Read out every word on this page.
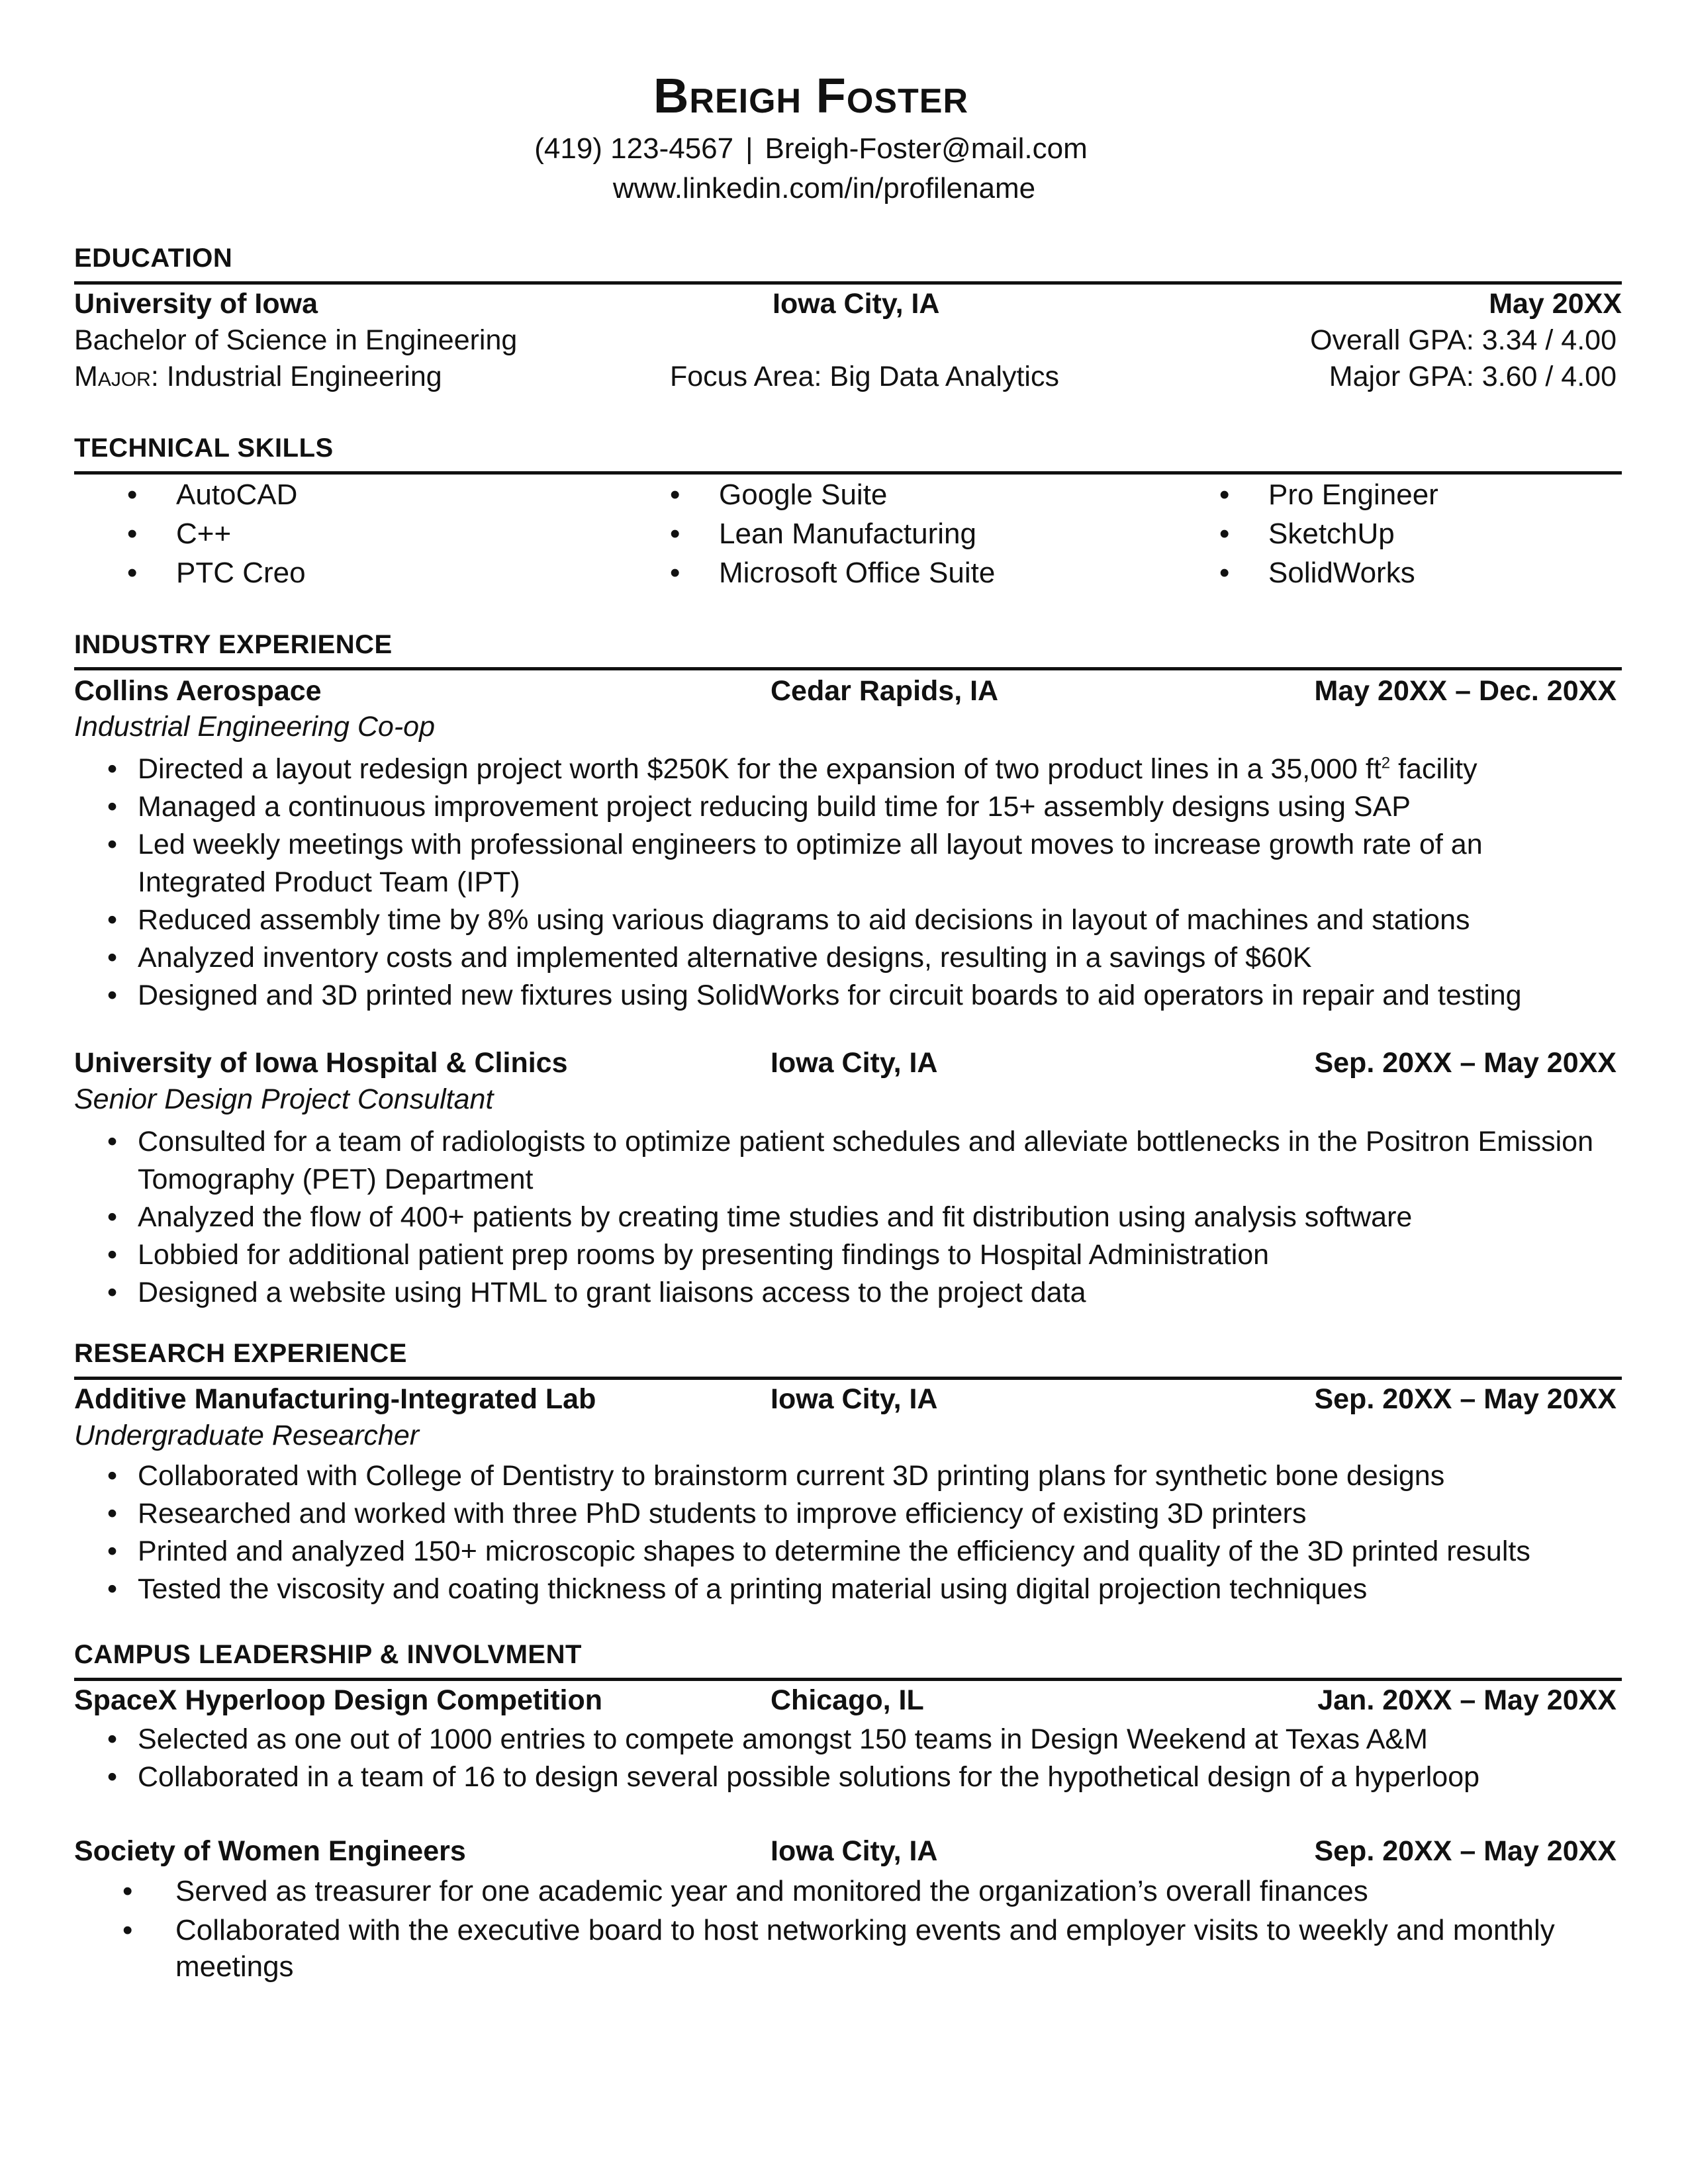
Breigh Foster
(419) 123-4567 | Breigh-Foster@mail.com
www.linkedin.com/in/profilename
EDUCATION
University of Iowa	Iowa City, IA	May 20XX
Bachelor of Science in Engineering	Overall GPA: 3.34 / 4.00
Major: Industrial Engineering	Focus Area: Big Data Analytics	Major GPA: 3.60 / 4.00
TECHNICAL SKILLS
• AutoCAD
• C++
• PTC Creo
• Google Suite
• Lean Manufacturing
• Microsoft Office Suite
• Pro Engineer
• SketchUp
• SolidWorks
INDUSTRY EXPERIENCE
Collins Aerospace	Cedar Rapids, IA	May 20XX – Dec. 20XX
Industrial Engineering Co-op
• Directed a layout redesign project worth $250K for the expansion of two product lines in a 35,000 $ft^2$ facility
• Managed a continuous improvement project reducing build time for 15+ assembly designs using SAP
• Led weekly meetings with professional engineers to optimize all layout moves to increase growth rate of an Integrated Product Team (IPT)
• Reduced assembly time by 8% using various diagrams to aid decisions in layout of machines and stations
• Analyzed inventory costs and implemented alternative designs, resulting in a savings of $60K
• Designed and 3D printed new fixtures using SolidWorks for circuit boards to aid operators in repair and testing
University of Iowa Hospital & Clinics	Iowa City, IA	Sep. 20XX – May 20XX
Senior Design Project Consultant
• Consulted for a team of radiologists to optimize patient schedules and alleviate bottlenecks in the Positron Emission Tomography (PET) Department
• Analyzed the flow of 400+ patients by creating time studies and fit distribution using analysis software
• Lobbied for additional patient prep rooms by presenting findings to Hospital Administration
• Designed a website using HTML to grant liaisons access to the project data
RESEARCH EXPERIENCE
Additive Manufacturing-Integrated Lab	Iowa City, IA	Sep. 20XX – May 20XX
Undergraduate Researcher
• Collaborated with College of Dentistry to brainstorm current 3D printing plans for synthetic bone designs
• Researched and worked with three PhD students to improve efficiency of existing 3D printers
• Printed and analyzed 150+ microscopic shapes to determine the efficiency and quality of the 3D printed results
• Tested the viscosity and coating thickness of a printing material using digital projection techniques
CAMPUS LEADERSHIP & INVOLVMENT
SpaceX Hyperloop Design Competition	Chicago, IL	Jan. 20XX – May 20XX
• Selected as one out of 1000 entries to compete amongst 150 teams in Design Weekend at Texas A&M
• Collaborated in a team of 16 to design several possible solutions for the hypothetical design of a hyperloop
Society of Women Engineers	Iowa City, IA	Sep. 20XX – May 20XX
• Served as treasurer for one academic year and monitored the organization’s overall finances
• Collaborated with the executive board to host networking events and employer visits to weekly and monthly meetings
